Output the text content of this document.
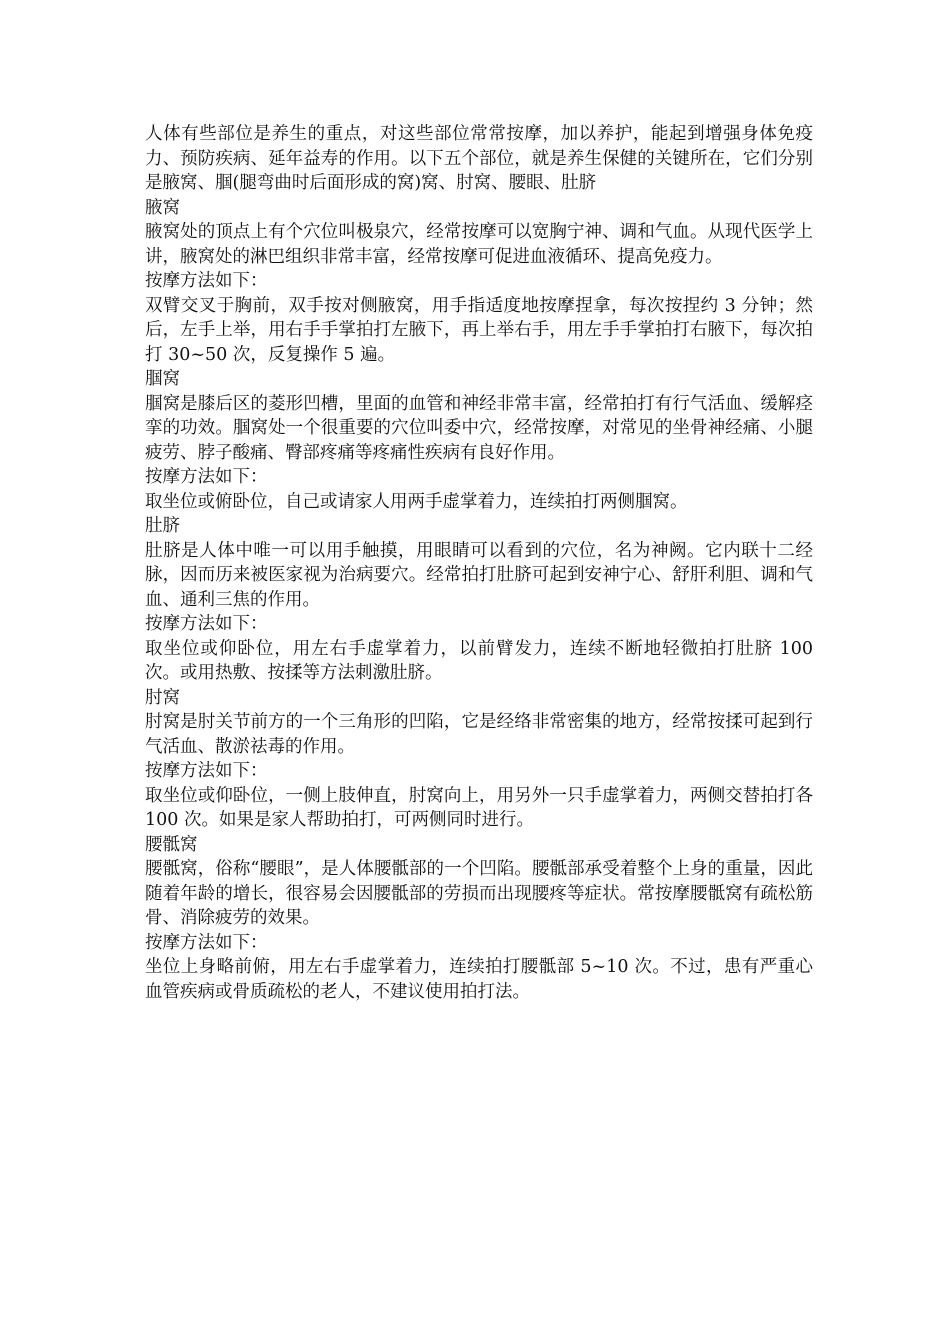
人体有些部位是养生的重点，对这些部位常常按摩，加以养护，能起到增强身体免疫力、预防疾病、延年益寿的作用。以下五个部位，就是养生保健的关键所在，它们分别是腋窝、腘(腿弯曲时后面形成的窝)窝、肘窝、腰眼、肚脐

腋窝

腋窝处的顶点上有个穴位叫极泉穴，经常按摩可以宽胸宁神、调和气血。从现代医学上讲，腋窝处的淋巴组织非常丰富，经常按摩可促进血液循环、提高免疫力。

按摩方法如下：

双臂交叉于胸前，双手按对侧腋窝，用手指适度地按摩捏拿，每次按捏约 3 分钟；然后，左手上举，用右手手掌拍打左腋下，再上举右手，用左手手掌拍打右腋下，每次拍打 30~50 次，反复操作 5 遍。

腘窝

腘窝是膝后区的菱形凹槽，里面的血管和神经非常丰富，经常拍打有行气活血、缓解痉挛的功效。腘窝处一个很重要的穴位叫委中穴，经常按摩，对常见的坐骨神经痛、小腿疲劳、脖子酸痛、臀部疼痛等疼痛性疾病有良好作用。

按摩方法如下：

取坐位或俯卧位，自己或请家人用两手虚掌着力，连续拍打两侧腘窝。

肚脐

肚脐是人体中唯一可以用手触摸，用眼睛可以看到的穴位，名为神阙。它内联十二经脉，因而历来被医家视为治病要穴。经常拍打肚脐可起到安神宁心、舒肝利胆、调和气血、通利三焦的作用。

按摩方法如下：

取坐位或仰卧位，用左右手虚掌着力，以前臂发力，连续不断地轻微拍打肚脐 100 次。或用热敷、按揉等方法刺激肚脐。

肘窝

肘窝是肘关节前方的一个三角形的凹陷，它是经络非常密集的地方，经常按揉可起到行气活血、散淤祛毒的作用。

按摩方法如下：

取坐位或仰卧位，一侧上肢伸直，肘窝向上，用另外一只手虚掌着力，两侧交替拍打各 100 次。如果是家人帮助拍打，可两侧同时进行。

腰骶窝

腰骶窝，俗称“腰眼”，是人体腰骶部的一个凹陷。腰骶部承受着整个上身的重量，因此随着年龄的增长，很容易会因腰骶部的劳损而出现腰疼等症状。常按摩腰骶窝有疏松筋骨、消除疲劳的效果。

按摩方法如下：

坐位上身略前俯，用左右手虚掌着力，连续拍打腰骶部 5~10 次。不过，患有严重心血管疾病或骨质疏松的老人，不建议使用拍打法。
